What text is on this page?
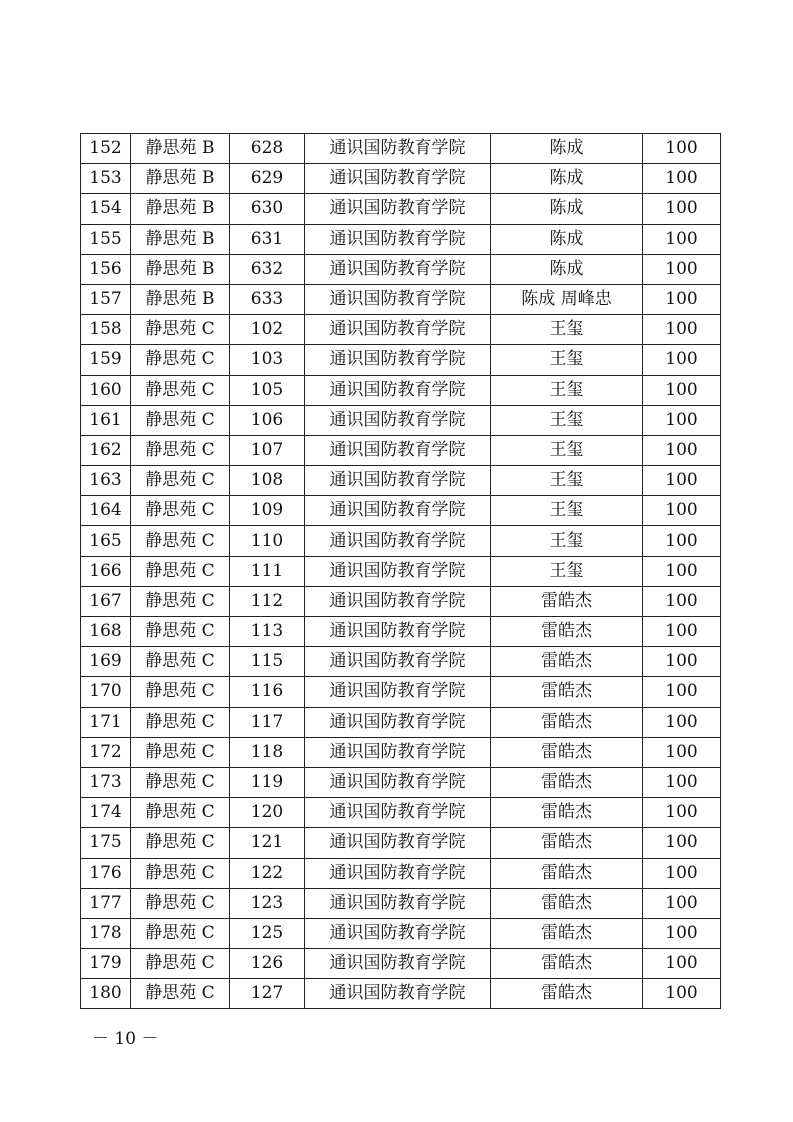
152	静思苑 B	628	通识国防教育学院	陈成	100
153	静思苑 B	629	通识国防教育学院	陈成	100
154	静思苑 B	630	通识国防教育学院	陈成	100
155	静思苑 B	631	通识国防教育学院	陈成	100
156	静思苑 B	632	通识国防教育学院	陈成	100
157	静思苑 B	633	通识国防教育学院	陈成 周峰忠	100
158	静思苑 C	102	通识国防教育学院	王玺	100
159	静思苑 C	103	通识国防教育学院	王玺	100
160	静思苑 C	105	通识国防教育学院	王玺	100
161	静思苑 C	106	通识国防教育学院	王玺	100
162	静思苑 C	107	通识国防教育学院	王玺	100
163	静思苑 C	108	通识国防教育学院	王玺	100
164	静思苑 C	109	通识国防教育学院	王玺	100
165	静思苑 C	110	通识国防教育学院	王玺	100
166	静思苑 C	111	通识国防教育学院	王玺	100
167	静思苑 C	112	通识国防教育学院	雷皓杰	100
168	静思苑 C	113	通识国防教育学院	雷皓杰	100
169	静思苑 C	115	通识国防教育学院	雷皓杰	100
170	静思苑 C	116	通识国防教育学院	雷皓杰	100
171	静思苑 C	117	通识国防教育学院	雷皓杰	100
172	静思苑 C	118	通识国防教育学院	雷皓杰	100
173	静思苑 C	119	通识国防教育学院	雷皓杰	100
174	静思苑 C	120	通识国防教育学院	雷皓杰	100
175	静思苑 C	121	通识国防教育学院	雷皓杰	100
176	静思苑 C	122	通识国防教育学院	雷皓杰	100
177	静思苑 C	123	通识国防教育学院	雷皓杰	100
178	静思苑 C	125	通识国防教育学院	雷皓杰	100
179	静思苑 C	126	通识国防教育学院	雷皓杰	100
180	静思苑 C	127	通识国防教育学院	雷皓杰	100
－ 10 －
